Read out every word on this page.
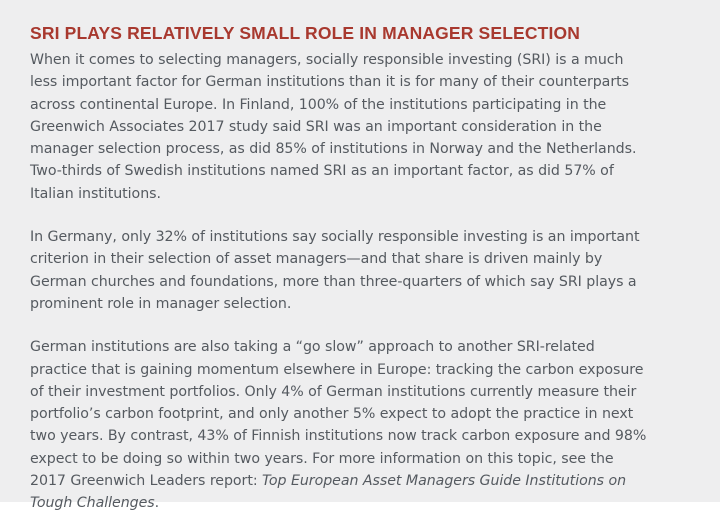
SRI PLAYS RELATIVELY SMALL ROLE IN MANAGER SELECTION

When it comes to selecting managers, socially responsible investing (SRI) is a much
less important factor for German institutions than it is for many of their counterparts
across continental Europe. In Finland, 100% of the institutions participating in the
Greenwich Associates 2017 study said SRI was an important consideration in the
manager selection process, as did 85% of institutions in Norway and the Netherlands.
Two-thirds of Swedish institutions named SRI as an important factor, as did 57% of
Italian institutions.

In Germany, only 32% of institutions say socially responsible investing is an important
criterion in their selection of asset managers—and that share is driven mainly by
German churches and foundations, more than three-quarters of which say SRI plays a
prominent role in manager selection.

German institutions are also taking a “go slow” approach to another SRI-related
practice that is gaining momentum elsewhere in Europe: tracking the carbon exposure
of their investment portfolios. Only 4% of German institutions currently measure their
portfolio’s carbon footprint, and only another 5% expect to adopt the practice in next
two years. By contrast, 43% of Finnish institutions now track carbon exposure and 98%
expect to be doing so within two years. For more information on this topic, see the
2017 Greenwich Leaders report: Top European Asset Managers Guide Institutions on
Tough Challenges.
